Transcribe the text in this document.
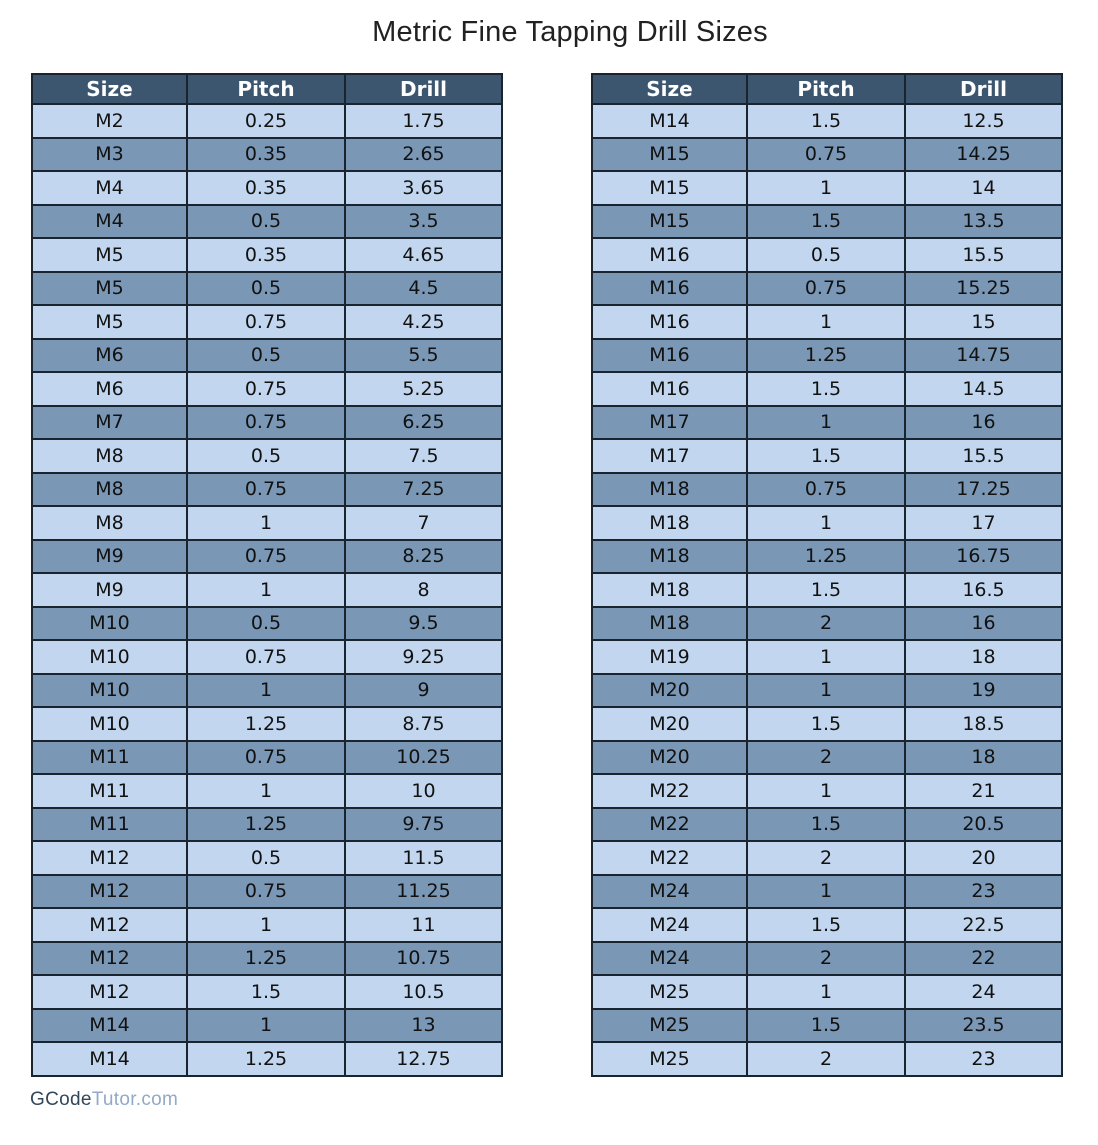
Metric Fine Tapping Drill Sizes
Size	Pitch	Drill
M2	0.25	1.75
M3	0.35	2.65
M4	0.35	3.65
M4	0.5	3.5
M5	0.35	4.65
M5	0.5	4.5
M5	0.75	4.25
M6	0.5	5.5
M6	0.75	5.25
M7	0.75	6.25
M8	0.5	7.5
M8	0.75	7.25
M8	1	7
M9	0.75	8.25
M9	1	8
M10	0.5	9.5
M10	0.75	9.25
M10	1	9
M10	1.25	8.75
M11	0.75	10.25
M11	1	10
M11	1.25	9.75
M12	0.5	11.5
M12	0.75	11.25
M12	1	11
M12	1.25	10.75
M12	1.5	10.5
M14	1	13
M14	1.25	12.75
Size	Pitch	Drill
M14	1.5	12.5
M15	0.75	14.25
M15	1	14
M15	1.5	13.5
M16	0.5	15.5
M16	0.75	15.25
M16	1	15
M16	1.25	14.75
M16	1.5	14.5
M17	1	16
M17	1.5	15.5
M18	0.75	17.25
M18	1	17
M18	1.25	16.75
M18	1.5	16.5
M18	2	16
M19	1	18
M20	1	19
M20	1.5	18.5
M20	2	18
M22	1	21
M22	1.5	20.5
M22	2	20
M24	1	23
M24	1.5	22.5
M24	2	22
M25	1	24
M25	1.5	23.5
M25	2	23
GCodeTutor.com
